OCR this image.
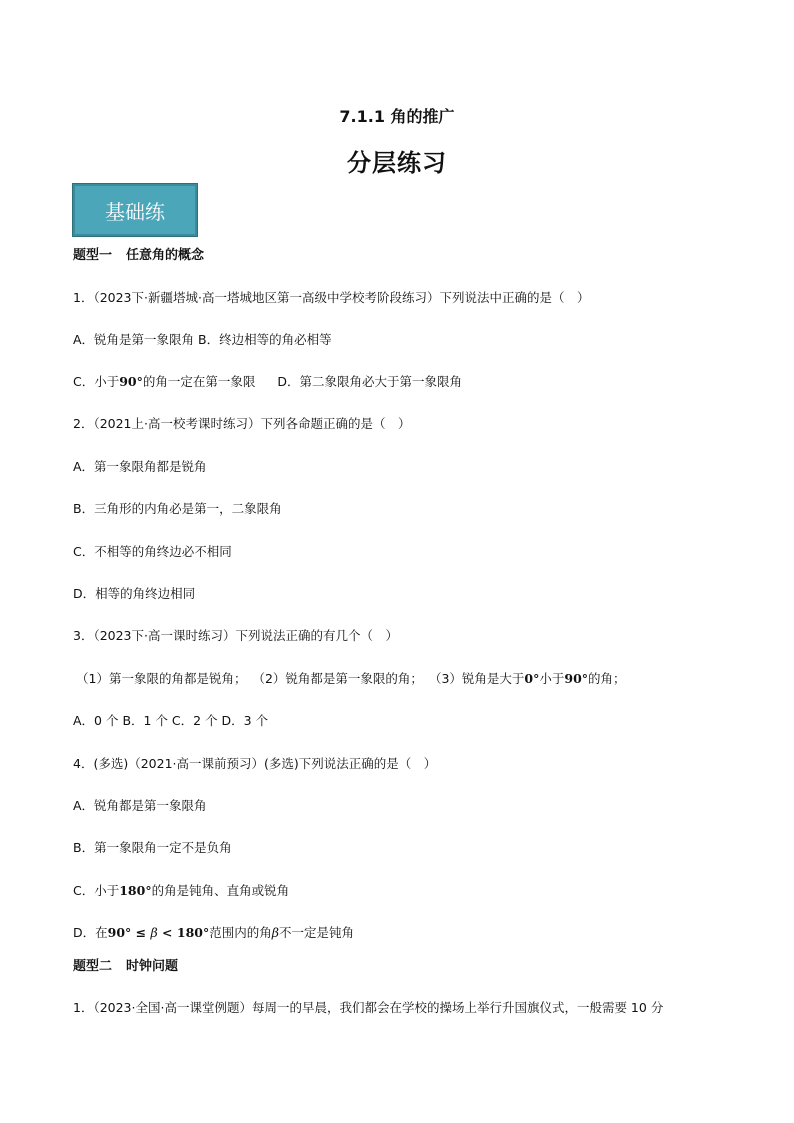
7.1.1 角的推广
分层练习
基础练
题型一 任意角的概念
1．（2023下·新疆塔城·高一塔城地区第一高级中学校考阶段练习）下列说法中正确的是（　）
A．锐角是第一象限角 B．终边相等的角必相等
C．小于90°的角一定在第一象限 D．第二象限角必大于第一象限角
2．（2021上·高一校考课时练习）下列各命题正确的是（　）
A．第一象限角都是锐角
B．三角形的内角必是第一，二象限角
C．不相等的角终边必不相同
D．相等的角终边相同
3．（2023下·高一课时练习）下列说法正确的有几个（　）
（1）第一象限的角都是锐角； （2）锐角都是第一象限的角； （3）锐角是大于0°小于90°的角；
A．0 个 B．1 个 C．2 个 D．3 个
4．(多选)（2021·高一课前预习）(多选)下列说法正确的是（　）
A．锐角都是第一象限角
B．第一象限角一定不是负角
C．小于180°的角是钝角、直角或锐角
D．在90° ≤ β < 180°范围内的角β不一定是钝角
题型二 时钟问题
1．（2023·全国·高一课堂例题）每周一的早晨，我们都会在学校的操场上举行升国旗仪式，一般需要 10 分
